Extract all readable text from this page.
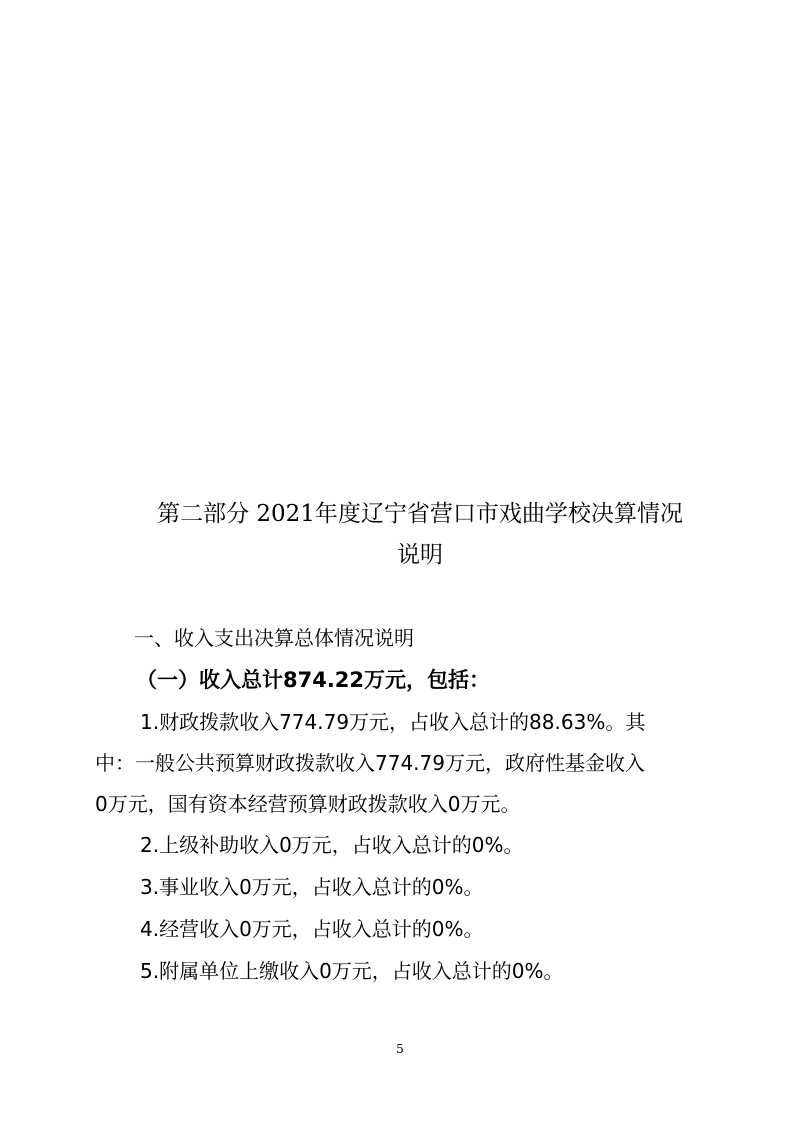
第二部分 2021年度辽宁省营口市戏曲学校决算情况
说明
一、收入支出决算总体情况说明
（一）收入总计874.22万元，包括：
1.财政拨款收入774.79万元，占收入总计的88.63%。其
中：一般公共预算财政拨款收入774.79万元，政府性基金收入
0万元，国有资本经营预算财政拨款收入0万元。
2.上级补助收入0万元，占收入总计的0%。
3.事业收入0万元，占收入总计的0%。
4.经营收入0万元，占收入总计的0%。
5.附属单位上缴收入0万元，占收入总计的0%。
5
